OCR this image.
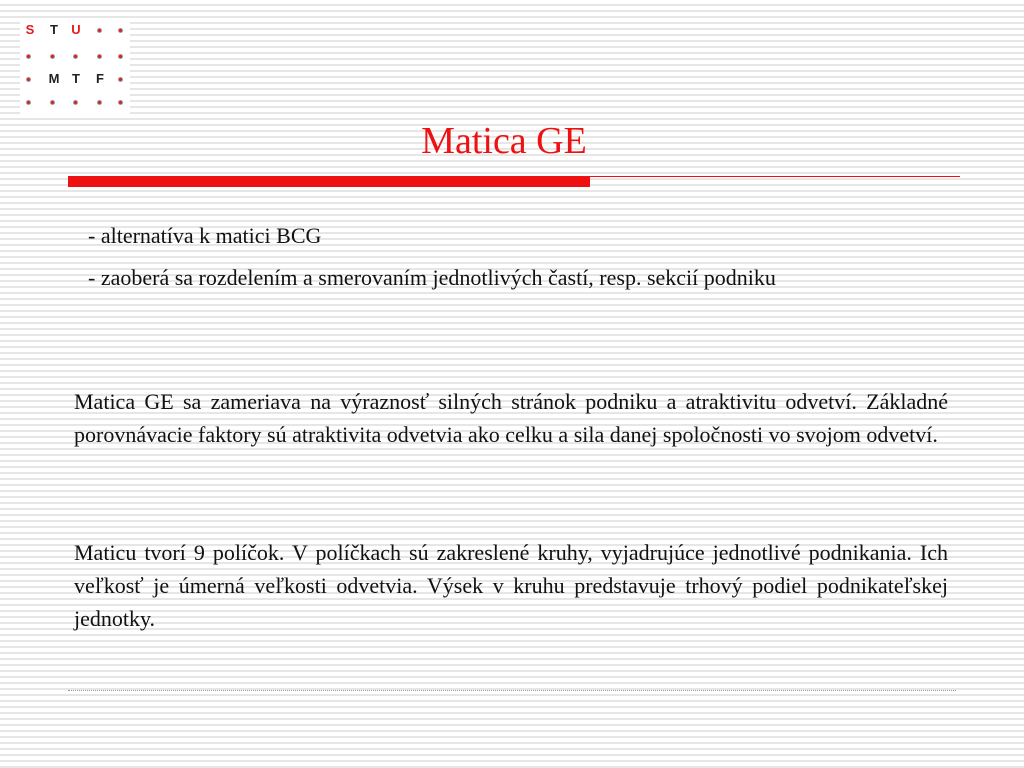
S	T	U
M T	F
Matica GE

- alternatíva k matici BCG

- zaoberá sa rozdelením a smerovaním jednotlivých častí, resp. sekcií podniku

Matica GE sa zameriava na výraznosť silných stránok podniku a atraktivitu odvetví. Základné porovnávacie faktory sú atraktivita odvetvia ako celku a sila danej spoločnosti vo svojom odvetví.

Maticu tvorí 9 políčok. V políčkach sú zakreslené kruhy, vyjadrujúce jednotlivé podnikania. Ich veľkosť je úmerná veľkosti odvetvia. Výsek v kruhu predstavuje trhový podiel podnikateľskej jednotky.
